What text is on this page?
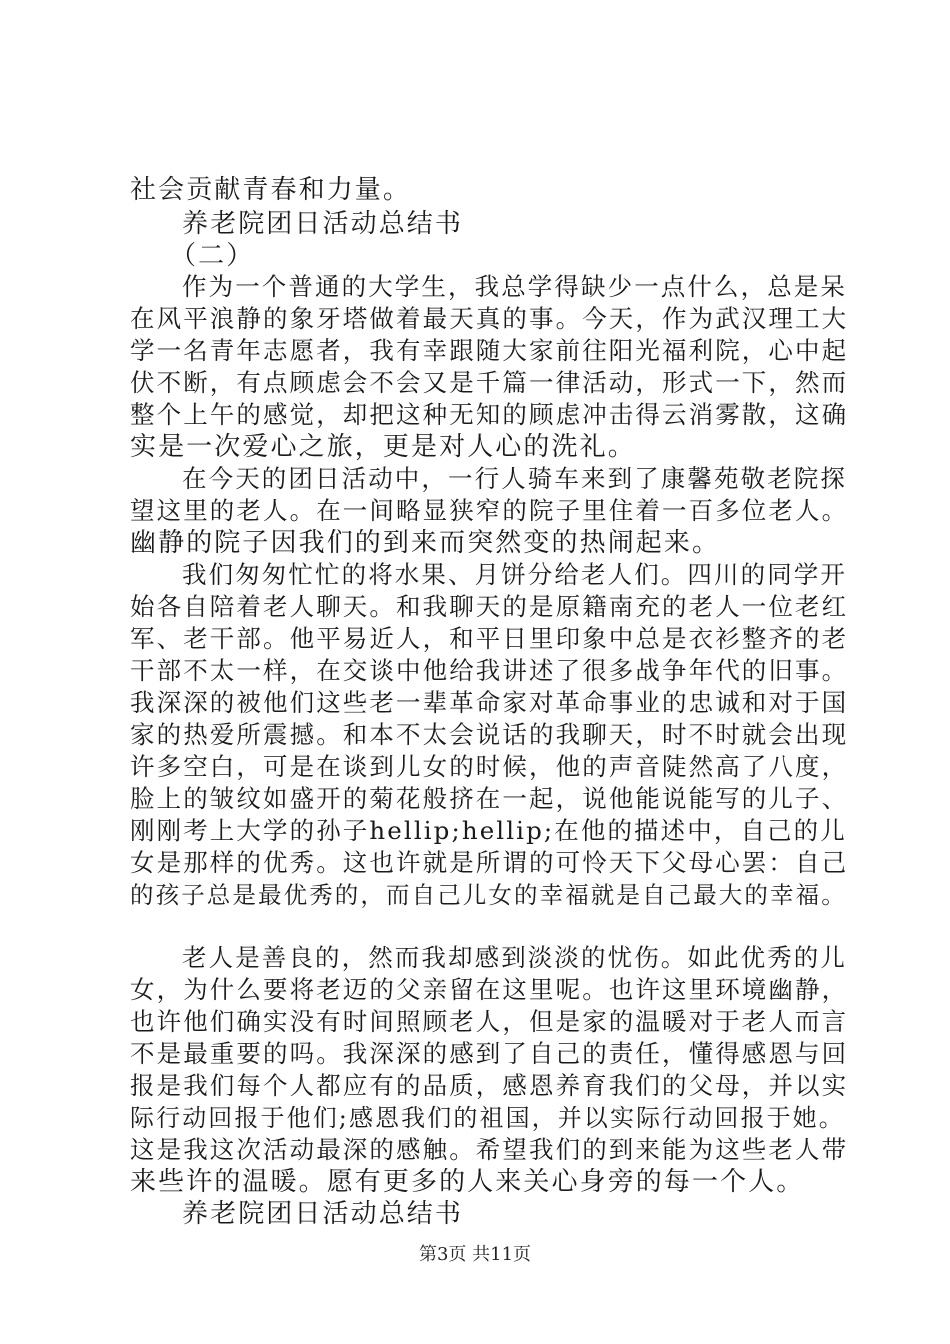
社会贡献青春和力量。
养老院团日活动总结书
（二）
作为一个普通的大学生，我总学得缺少一点什么，总是呆
在风平浪静的象牙塔做着最天真的事。今天，作为武汉理工大
学一名青年志愿者，我有幸跟随大家前往阳光福利院，心中起
伏不断，有点顾虑会不会又是千篇一律活动，形式一下，然而
整个上午的感觉，却把这种无知的顾虑冲击得云消雾散，这确
实是一次爱心之旅，更是对人心的洗礼。
在今天的团日活动中，一行人骑车来到了康馨苑敬老院探
望这里的老人。在一间略显狭窄的院子里住着一百多位老人。
幽静的院子因我们的到来而突然变的热闹起来。
我们匆匆忙忙的将水果、月饼分给老人们。四川的同学开
始各自陪着老人聊天。和我聊天的是原籍南充的老人一位老红
军、老干部。他平易近人，和平日里印象中总是衣衫整齐的老
干部不太一样，在交谈中他给我讲述了很多战争年代的旧事。
我深深的被他们这些老一辈革命家对革命事业的忠诚和对于国
家的热爱所震撼。和本不太会说话的我聊天，时不时就会出现
许多空白，可是在谈到儿女的时候，他的声音陡然高了八度，
脸上的皱纹如盛开的菊花般挤在一起，说他能说能写的儿子、
刚刚考上大学的孙子hellip;hellip;在他的描述中，自己的儿
女是那样的优秀。这也许就是所谓的可怜天下父母心罢：自己
的孩子总是最优秀的，而自己儿女的幸福就是自己最大的幸福。
老人是善良的，然而我却感到淡淡的忧伤。如此优秀的儿
女，为什么要将老迈的父亲留在这里呢。也许这里环境幽静，
也许他们确实没有时间照顾老人，但是家的温暖对于老人而言
不是最重要的吗。我深深的感到了自己的责任，懂得感恩与回
报是我们每个人都应有的品质，感恩养育我们的父母，并以实
际行动回报于他们;感恩我们的祖国，并以实际行动回报于她。
这是我这次活动最深的感触。希望我们的到来能为这些老人带
来些许的温暖。愿有更多的人来关心身旁的每一个人。
养老院团日活动总结书
第3页 共11页
